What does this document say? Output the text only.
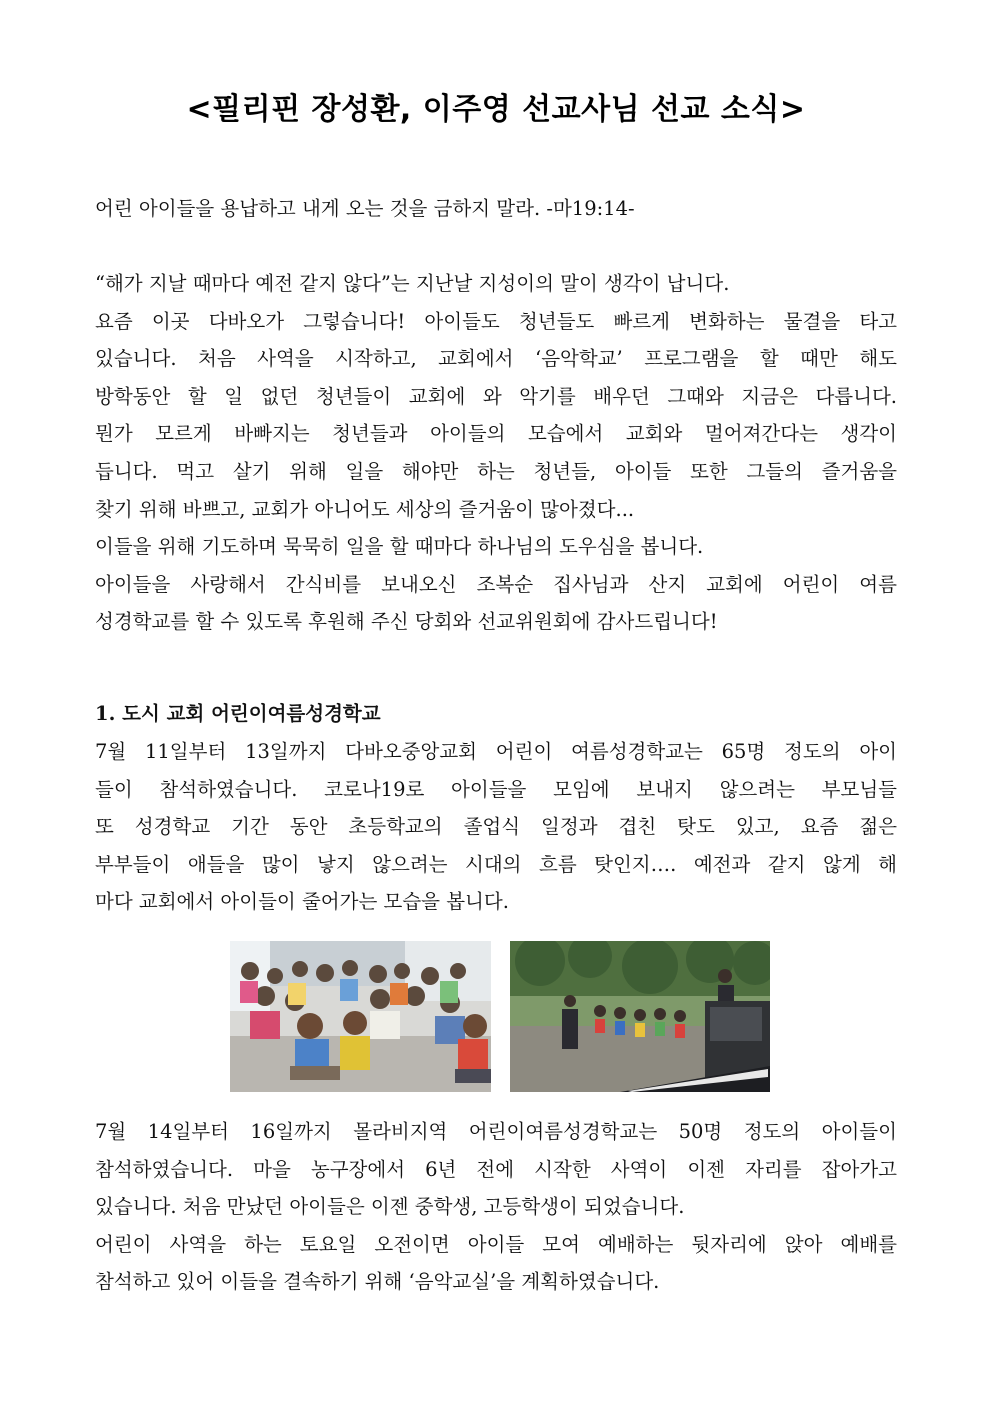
<필리핀 장성환, 이주영 선교사님 선교 소식>
어린 아이들을 용납하고 내게 오는 것을 금하지 말라. -마19:14-
“해가 지날 때마다 예전 같지 않다”는 지난날 지성이의 말이 생각이 납니다.
요즘 이곳 다바오가 그렇습니다! 아이들도 청년들도 빠르게 변화하는 물결을 타고
있습니다. 처음 사역을 시작하고, 교회에서 ‘음악학교’ 프로그램을 할 때만 해도
방학동안 할 일 없던 청년들이 교회에 와 악기를 배우던 그때와 지금은 다릅니다.
뭔가 모르게 바빠지는 청년들과 아이들의 모습에서 교회와 멀어져간다는 생각이
듭니다. 먹고 살기 위해 일을 해야만 하는 청년들, 아이들 또한 그들의 즐거움을
찾기 위해 바쁘고, 교회가 아니어도 세상의 즐거움이 많아졌다...
이들을 위해 기도하며 묵묵히 일을 할 때마다 하나님의 도우심을 봅니다.
아이들을 사랑해서 간식비를 보내오신 조복순 집사님과 산지 교회에 어린이 여름
성경학교를 할 수 있도록 후원해 주신 당회와 선교위원회에 감사드립니다!
1. 도시 교회 어린이여름성경학교
7월 11일부터 13일까지 다바오중앙교회 어린이 여름성경학교는 65명 정도의 아이
들이 참석하였습니다. 코로나19로 아이들을 모임에 보내지 않으려는 부모님들
또 성경학교 기간 동안 초등학교의 졸업식 일정과 겹친 탓도 있고, 요즘 젊은
부부들이 애들을 많이 낳지 않으려는 시대의 흐름 탓인지…. 예전과 같지 않게 해
마다 교회에서 아이들이 줄어가는 모습을 봅니다.
7월 14일부터 16일까지 몰라비지역 어린이여름성경학교는 50명 정도의 아이들이
참석하였습니다. 마을 농구장에서 6년 전에 시작한 사역이 이젠 자리를 잡아가고
있습니다. 처음 만났던 아이들은 이젠 중학생, 고등학생이 되었습니다.
어린이 사역을 하는 토요일 오전이면 아이들 모여 예배하는 뒷자리에 앉아 예배를
참석하고 있어 이들을 결속하기 위해 ‘음악교실’을 계획하였습니다.
